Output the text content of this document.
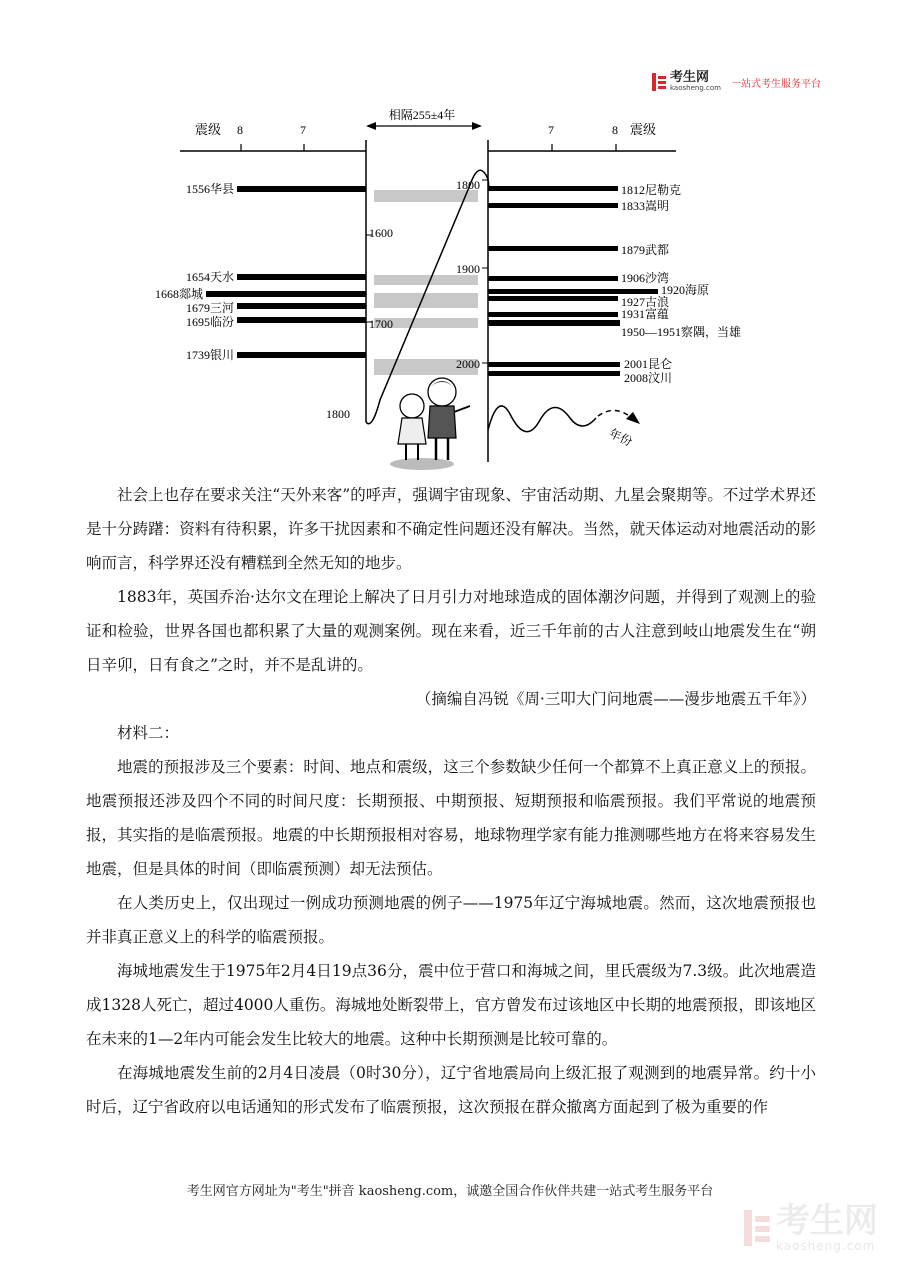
考生网
kaosheng.com 一站式考生服务平台
相隔255±4年
震级 8	7	7	8 震级
1600
1700
1800
1800
1900
2000
1556华县
1654天水
1668郯城
1679三河
1695临汾
1739银川
1812尼勒克
1833嵩明
1879武都
1906沙湾
1920海原
1927古浪
1931富蕴
1950—1951察隅，当雄
2001昆仑
2008汶川
年份

社会上也存在要求关注“天外来客”的呼声，强调宇宙现象、宇宙活动期、九星会聚期等。不过学术界还是十分踌躇：资料有待积累，许多干扰因素和不确定性问题还没有解决。当然，就天体运动对地震活动的影响而言，科学界还没有糟糕到全然无知的地步。

1883年，英国乔治·达尔文在理论上解决了日月引力对地球造成的固体潮汐问题，并得到了观测上的验证和检验，世界各国也都积累了大量的观测案例。现在来看，近三千年前的古人注意到岐山地震发生在“朔日辛卯，日有食之”之时，并不是乱讲的。

（摘编自冯锐《周·三叩大门问地震——漫步地震五千年》）

材料二：

地震的预报涉及三个要素：时间、地点和震级，这三个参数缺少任何一个都算不上真正意义上的预报。地震预报还涉及四个不同的时间尺度：长期预报、中期预报、短期预报和临震预报。我们平常说的地震预报，其实指的是临震预报。地震的中长期预报相对容易，地球物理学家有能力推测哪些地方在将来容易发生地震，但是具体的时间（即临震预测）却无法预估。

在人类历史上，仅出现过一例成功预测地震的例子——1975年辽宁海城地震。然而，这次地震预报也并非真正意义上的科学的临震预报。

海城地震发生于1975年2月4日19点36分，震中位于营口和海城之间，里氏震级为7.3级。此次地震造成1328人死亡，超过4000人重伤。海城地处断裂带上，官方曾发布过该地区中长期的地震预报，即该地区在未来的1—2年内可能会发生比较大的地震。这种中长期预测是比较可靠的。

在海城地震发生前的2月4日凌晨（0时30分），辽宁省地震局向上级汇报了观测到的地震异常。约十小时后，辽宁省政府以电话通知的形式发布了临震预报，这次预报在群众撤离方面起到了极为重要的作

考生网官方网址为"考生"拼音 kaosheng.com，诚邀全国合作伙伴共建一站式考生服务平台
考生网
kaosheng.com
